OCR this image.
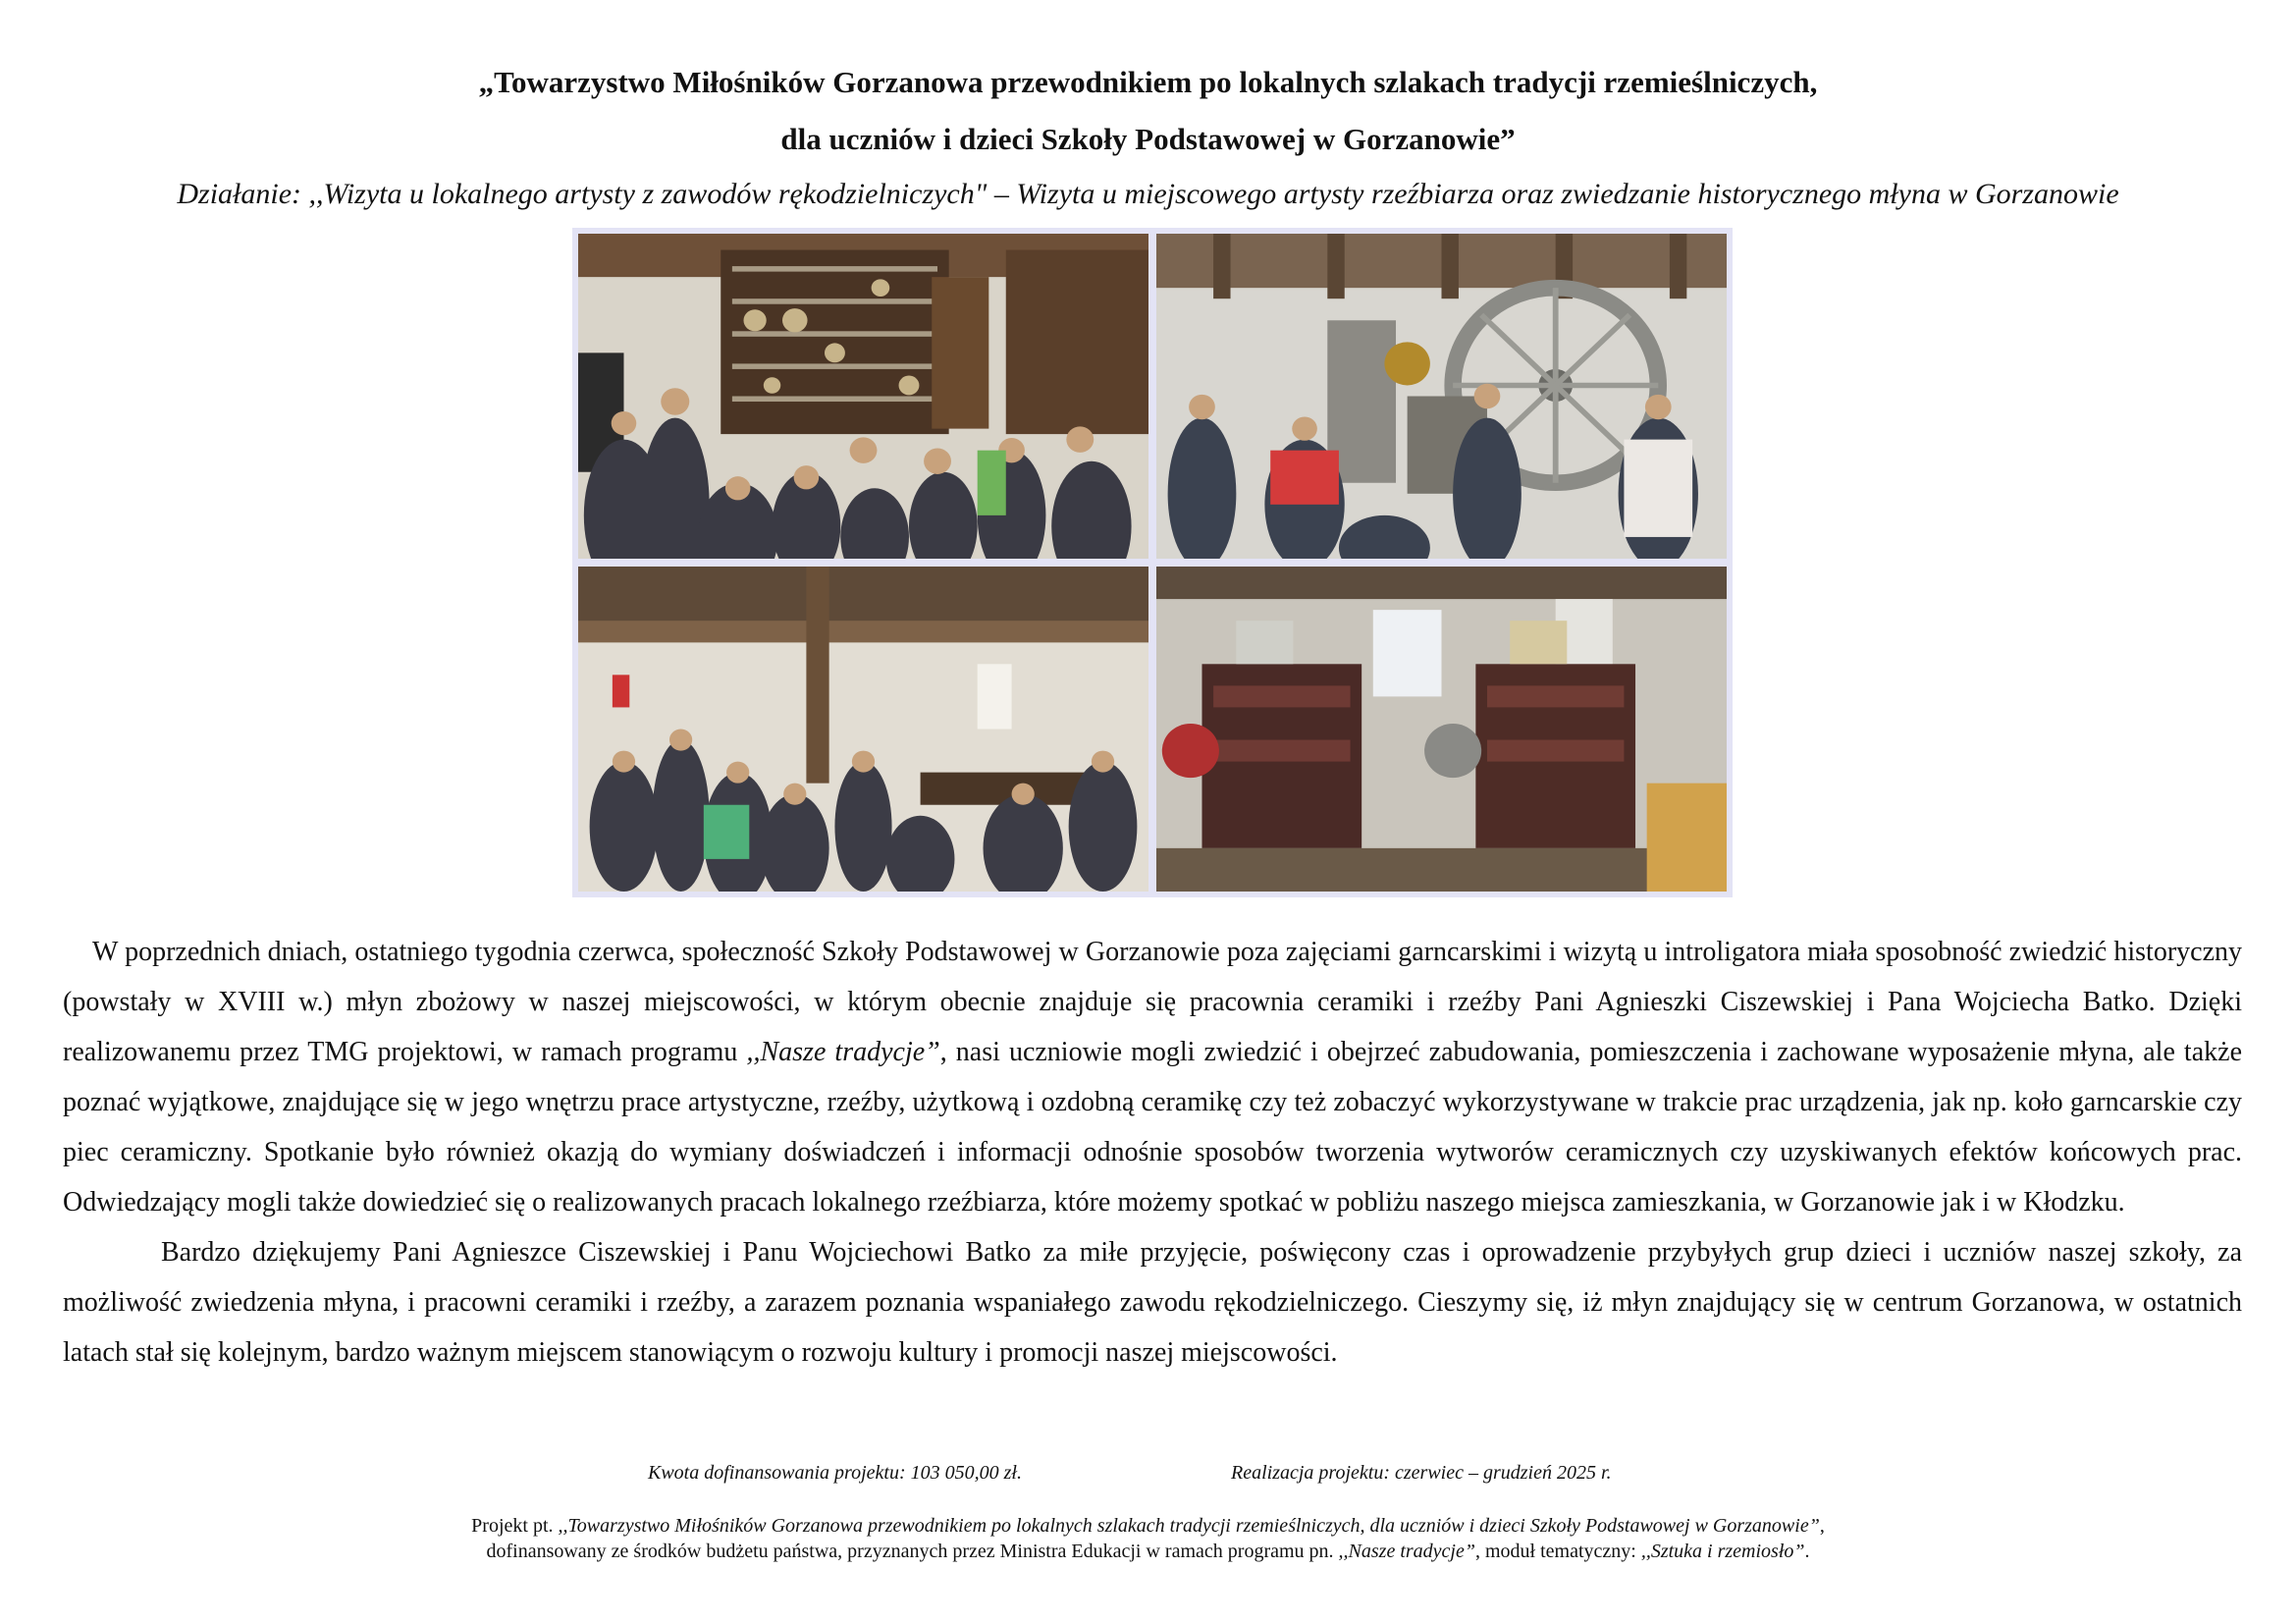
„Towarzystwo Miłośników Gorzanowa przewodnikiem po lokalnych szlakach tradycji rzemieślniczych,
dla uczniów i dzieci Szkoły Podstawowej w Gorzanowie”
Działanie: ,,Wizyta u lokalnego artysty z zawodów rękodzielniczych" – Wizyta u miejscowego artysty rzeźbiarza oraz zwiedzanie historycznego młyna w Gorzanowie

W poprzednich dniach, ostatniego tygodnia czerwca, społeczność Szkoły Podstawowej w Gorzanowie poza zajęciami garncarskimi i wizytą u introligatora miała sposobność zwiedzić historyczny (powstały w XVIII w.) młyn zbożowy w naszej miejscowości, w którym obecnie znajduje się pracownia ceramiki i rzeźby Pani Agnieszki Ciszewskiej i Pana Wojciecha Batko. Dzięki realizowanemu przez TMG projektowi, w ramach programu ,,Nasze tradycje”, nasi uczniowie mogli zwiedzić i obejrzeć zabudowania, pomieszczenia i zachowane wyposażenie młyna, ale także poznać wyjątkowe, znajdujące się w jego wnętrzu prace artystyczne, rzeźby, użytkową i ozdobną ceramikę czy też zobaczyć wykorzystywane w trakcie prac urządzenia, jak np. koło garncarskie czy piec ceramiczny. Spotkanie było również okazją do wymiany doświadczeń i informacji odnośnie sposobów tworzenia wytworów ceramicznych czy uzyskiwanych efektów końcowych prac. Odwiedzający mogli także dowiedzieć się o realizowanych pracach lokalnego rzeźbiarza, które możemy spotkać w pobliżu naszego miejsca zamieszkania, w Gorzanowie jak i w Kłodzku.

Bardzo dziękujemy Pani Agnieszce Ciszewskiej i Panu Wojciechowi Batko za miłe przyjęcie, poświęcony czas i oprowadzenie przybyłych grup dzieci i uczniów naszej szkoły, za możliwość zwiedzenia młyna, i pracowni ceramiki i rzeźby, a zarazem poznania wspaniałego zawodu rękodzielniczego. Cieszymy się, iż młyn znajdujący się w centrum Gorzanowa, w ostatnich latach stał się kolejnym, bardzo ważnym miejscem stanowiącym o rozwoju kultury i promocji naszej miejscowości.

Kwota dofinansowania projektu: 103 050,00 zł.	Realizacja projektu: czerwiec – grudzień 2025 r.
Projekt pt. ,,Towarzystwo Miłośników Gorzanowa przewodnikiem po lokalnych szlakach tradycji rzemieślniczych, dla uczniów i dzieci Szkoły Podstawowej w Gorzanowie”,
dofinansowany ze środków budżetu państwa, przyznanych przez Ministra Edukacji w ramach programu pn. ,,Nasze tradycje”, moduł tematyczny: ,,Sztuka i rzemiosło”.
